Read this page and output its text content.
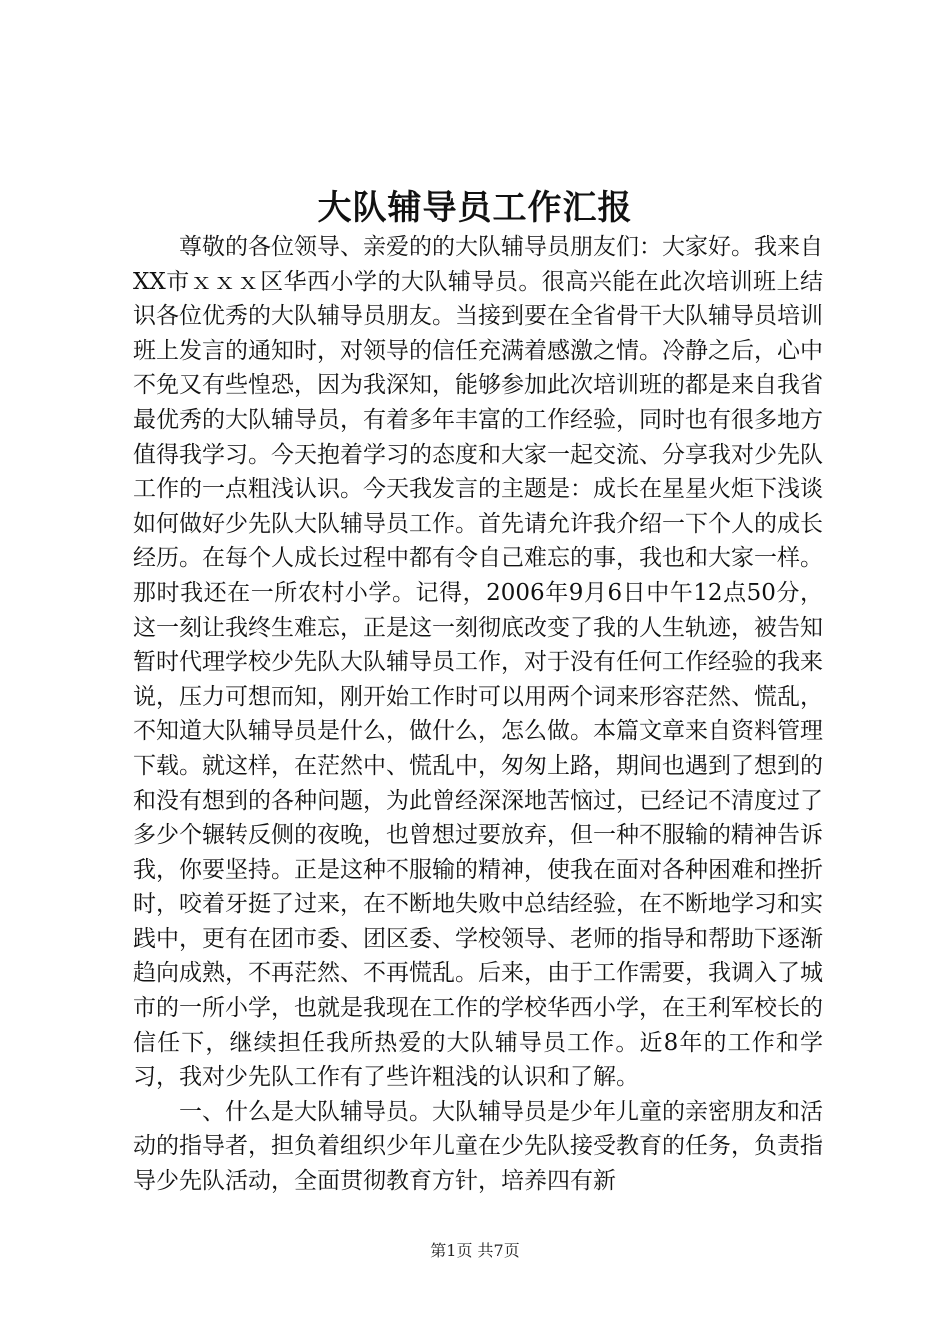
大队辅导员工作汇报

尊敬的各位领导、亲爱的的大队辅导员朋友们：大家好。我来自XX市ｘｘｘ区华西小学的大队辅导员。很高兴能在此次培训班上结识各位优秀的大队辅导员朋友。当接到要在全省骨干大队辅导员培训班上发言的通知时，对领导的信任充满着感激之情。冷静之后，心中不免又有些惶恐，因为我深知，能够参加此次培训班的都是来自我省最优秀的大队辅导员，有着多年丰富的工作经验，同时也有很多地方值得我学习。今天抱着学习的态度和大家一起交流、分享我对少先队工作的一点粗浅认识。今天我发言的主题是：成长在星星火炬下浅谈如何做好少先队大队辅导员工作。首先请允许我介绍一下个人的成长经历。在每个人成长过程中都有令自己难忘的事，我也和大家一样。那时我还在一所农村小学。记得，2006年9月6日中午12点50分，这一刻让我终生难忘，正是这一刻彻底改变了我的人生轨迹，被告知暂时代理学校少先队大队辅导员工作，对于没有任何工作经验的我来说，压力可想而知，刚开始工作时可以用两个词来形容茫然、慌乱，不知道大队辅导员是什么，做什么，怎么做。本篇文章来自资料管理下载。就这样，在茫然中、慌乱中，匆匆上路，期间也遇到了想到的和没有想到的各种问题，为此曾经深深地苦恼过，已经记不清度过了多少个辗转反侧的夜晚，也曾想过要放弃，但一种不服输的精神告诉我，你要坚持。正是这种不服输的精神，使我在面对各种困难和挫折时，咬着牙挺了过来，在不断地失败中总结经验，在不断地学习和实践中，更有在团市委、团区委、学校领导、老师的指导和帮助下逐渐趋向成熟，不再茫然、不再慌乱。后来，由于工作需要，我调入了城市的一所小学，也就是我现在工作的学校华西小学，在王利军校长的信任下，继续担任我所热爱的大队辅导员工作。近8年的工作和学习，我对少先队工作有了些许粗浅的认识和了解。

一、什么是大队辅导员。大队辅导员是少年儿童的亲密朋友和活动的指导者，担负着组织少年儿童在少先队接受教育的任务，负责指导少先队活动，全面贯彻教育方针，培养四有新

第1页 共7页
